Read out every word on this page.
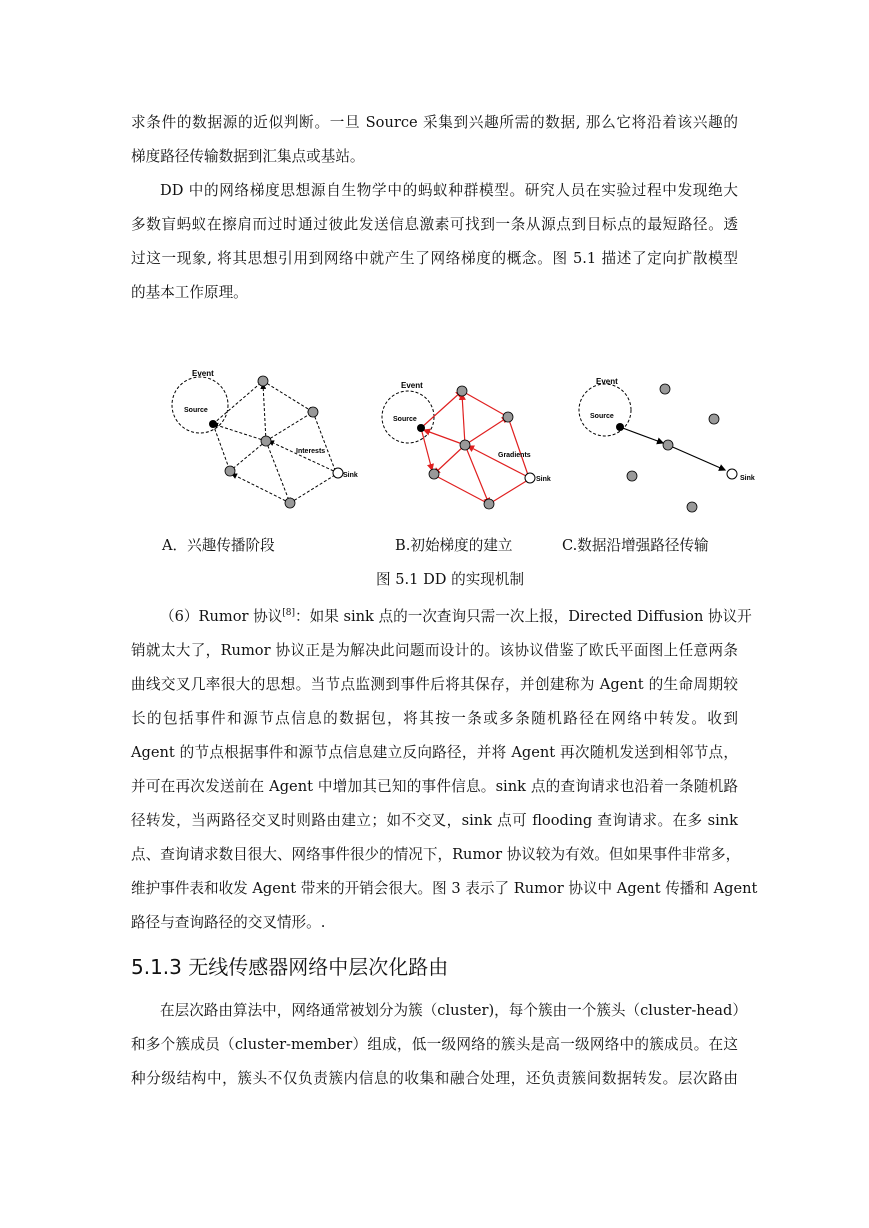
求条件的数据源的近似判断。一旦 Source 采集到兴趣所需的数据, 那么它将沿着该兴趣的
梯度路径传输数据到汇集点或基站。
DD 中的网络梯度思想源自生物学中的蚂蚁种群模型。研究人员在实验过程中发现绝大
多数盲蚂蚁在擦肩而过时通过彼此发送信息激素可找到一条从源点到目标点的最短路径。透
过这一现象, 将其思想引用到网络中就产生了网络梯度的概念。图 5.1 描述了定向扩散模型
的基本工作原理。
Event
Source
Interests
Sink
Event
Source
Gradients
Sink
Event
Source
Sink
A．兴趣传播阶段	B.初始梯度的建立	C.数据沿增强路径传输
图 5.1 DD 的实现机制
（6）Rumor 协议[8]：如果 sink 点的一次查询只需一次上报，Directed Diffusion 协议开
销就太大了，Rumor 协议正是为解决此问题而设计的。该协议借鉴了欧氏平面图上任意两条
曲线交叉几率很大的思想。当节点监测到事件后将其保存，并创建称为 Agent 的生命周期较
长的包括事件和源节点信息的数据包，将其按一条或多条随机路径在网络中转发。收到
Agent 的节点根据事件和源节点信息建立反向路径，并将 Agent 再次随机发送到相邻节点，
并可在再次发送前在 Agent 中增加其已知的事件信息。sink 点的查询请求也沿着一条随机路
径转发，当两路径交叉时则路由建立；如不交叉，sink 点可 flooding 查询请求。在多 sink
点、查询请求数目很大、网络事件很少的情况下，Rumor 协议较为有效。但如果事件非常多，
维护事件表和收发 Agent 带来的开销会很大。图 3 表示了 Rumor 协议中 Agent 传播和 Agent
路径与查询路径的交叉情形。.
5.1.3 无线传感器网络中层次化路由
在层次路由算法中，网络通常被划分为簇（cluster)，每个簇由一个簇头（cluster-head）
和多个簇成员（cluster-member）组成，低一级网络的簇头是高一级网络中的簇成员。在这
种分级结构中，簇头不仅负责簇内信息的收集和融合处理，还负责簇间数据转发。层次路由
